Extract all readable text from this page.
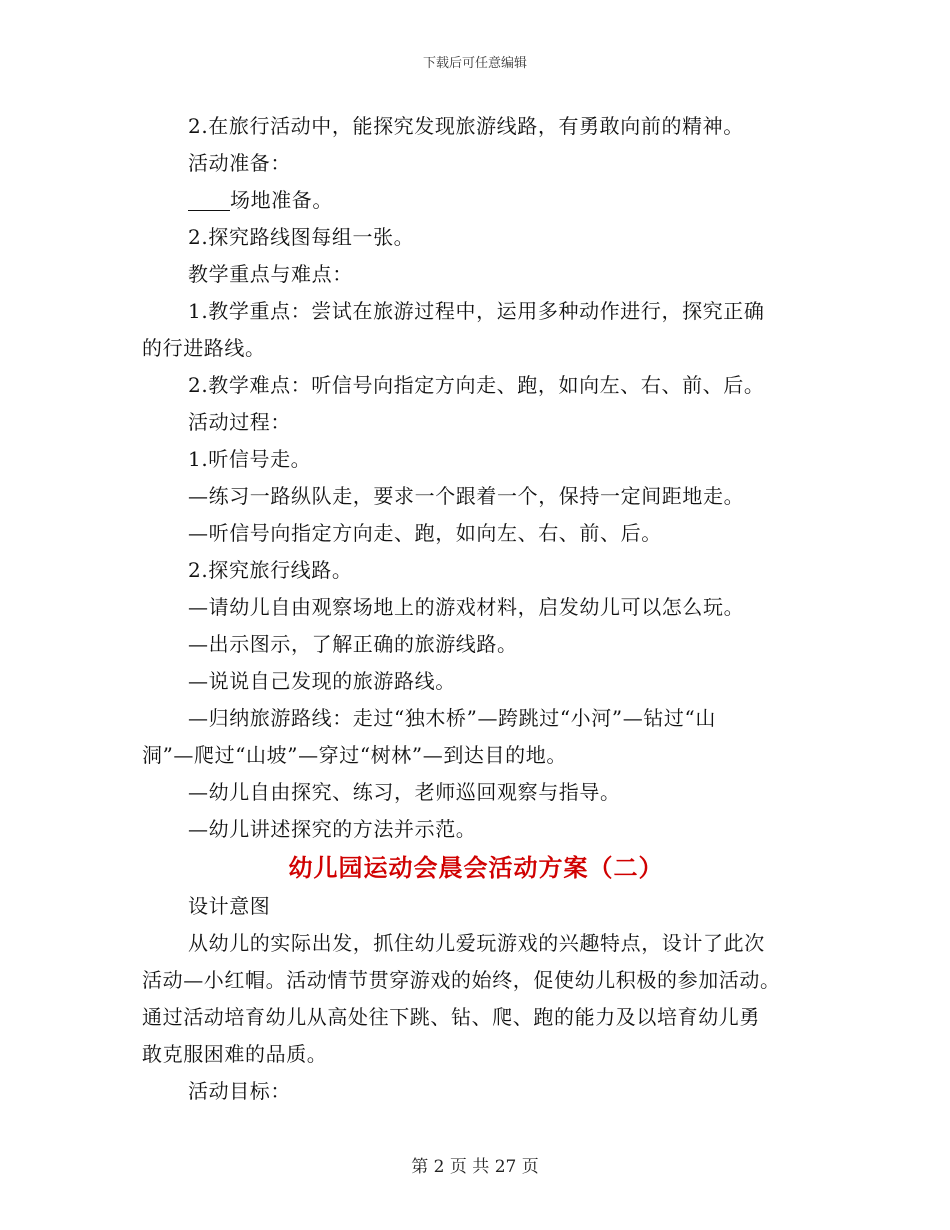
下载后可任意编辑
2.在旅行活动中，能探究发现旅游线路，有勇敢向前的精神。
活动准备：
场地准备。
2.探究路线图每组一张。
教学重点与难点：
1.教学重点：尝试在旅游过程中，运用多种动作进行，探究正确
的行进路线。
2.教学难点：听信号向指定方向走、跑，如向左、右、前、后。
活动过程：
1.听信号走。
—练习一路纵队走，要求一个跟着一个，保持一定间距地走。
—听信号向指定方向走、跑，如向左、右、前、后。
2.探究旅行线路。
—请幼儿自由观察场地上的游戏材料，启发幼儿可以怎么玩。
—出示图示，了解正确的旅游线路。
—说说自己发现的旅游路线。
—归纳旅游路线：走过“独木桥”—跨跳过“小河”—钻过“山
洞”—爬过“山坡”—穿过“树林”—到达目的地。
—幼儿自由探究、练习，老师巡回观察与指导。
—幼儿讲述探究的方法并示范。
幼儿园运动会晨会活动方案（二）
设计意图
从幼儿的实际出发，抓住幼儿爱玩游戏的兴趣特点，设计了此次
活动—小红帽。活动情节贯穿游戏的始终，促使幼儿积极的参加活动。
通过活动培育幼儿从高处往下跳、钻、爬、跑的能力及以培育幼儿勇
敢克服困难的品质。
活动目标：
第 2 页 共 27 页
